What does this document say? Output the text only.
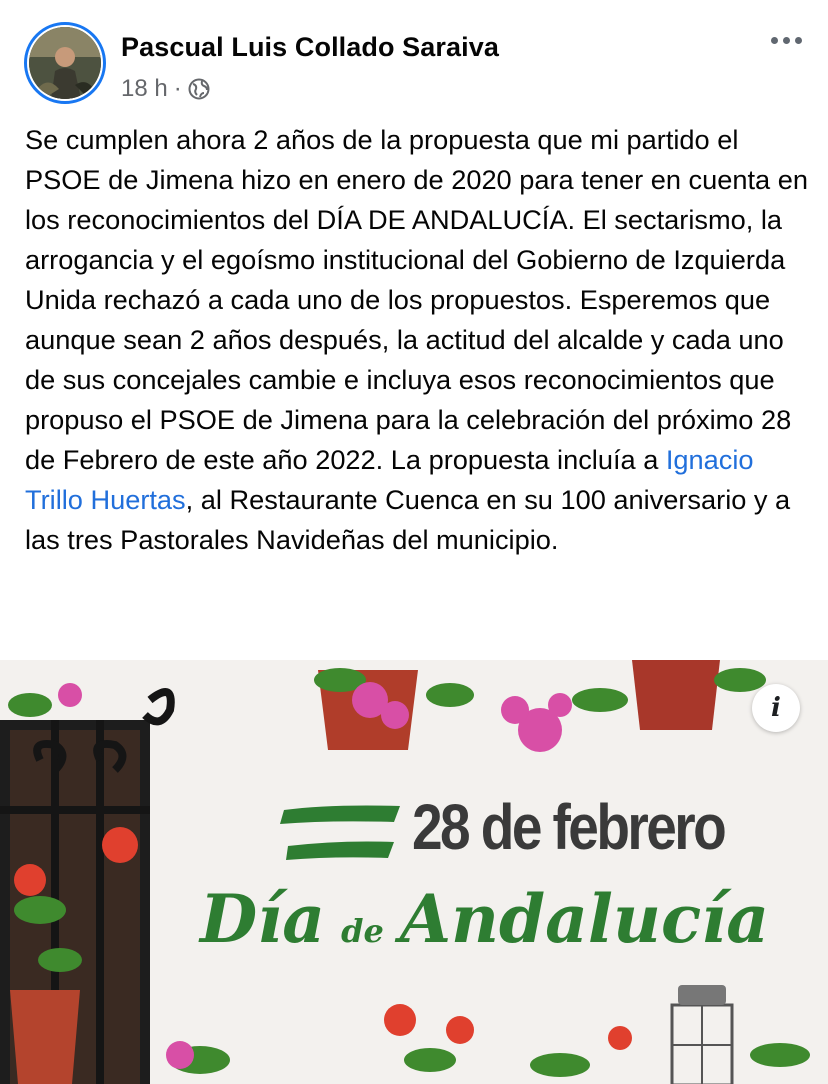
Pascual Luis Collado Saraiva
18 h ·
Se cumplen ahora 2 años de la propuesta que mi partido el PSOE de Jimena hizo en enero de 2020 para tener en cuenta en los reconocimientos del DÍA DE ANDALUCÍA. El sectarismo, la arrogancia y el egoísmo institucional del Gobierno de Izquierda Unida rechazó a cada uno de los propuestos. Esperemos que aunque sean 2 años después, la actitud del alcalde y cada uno de sus concejales cambie e incluya esos reconocimientos que propuso el PSOE de Jimena para la celebración del próximo 28 de Febrero de este año 2022. La propuesta incluía a Ignacio Trillo Huertas, al Restaurante Cuenca en su 100 aniversario y a las tres Pastorales Navideñas del municipio.
28 de febrero
Día de Andalucía
i
